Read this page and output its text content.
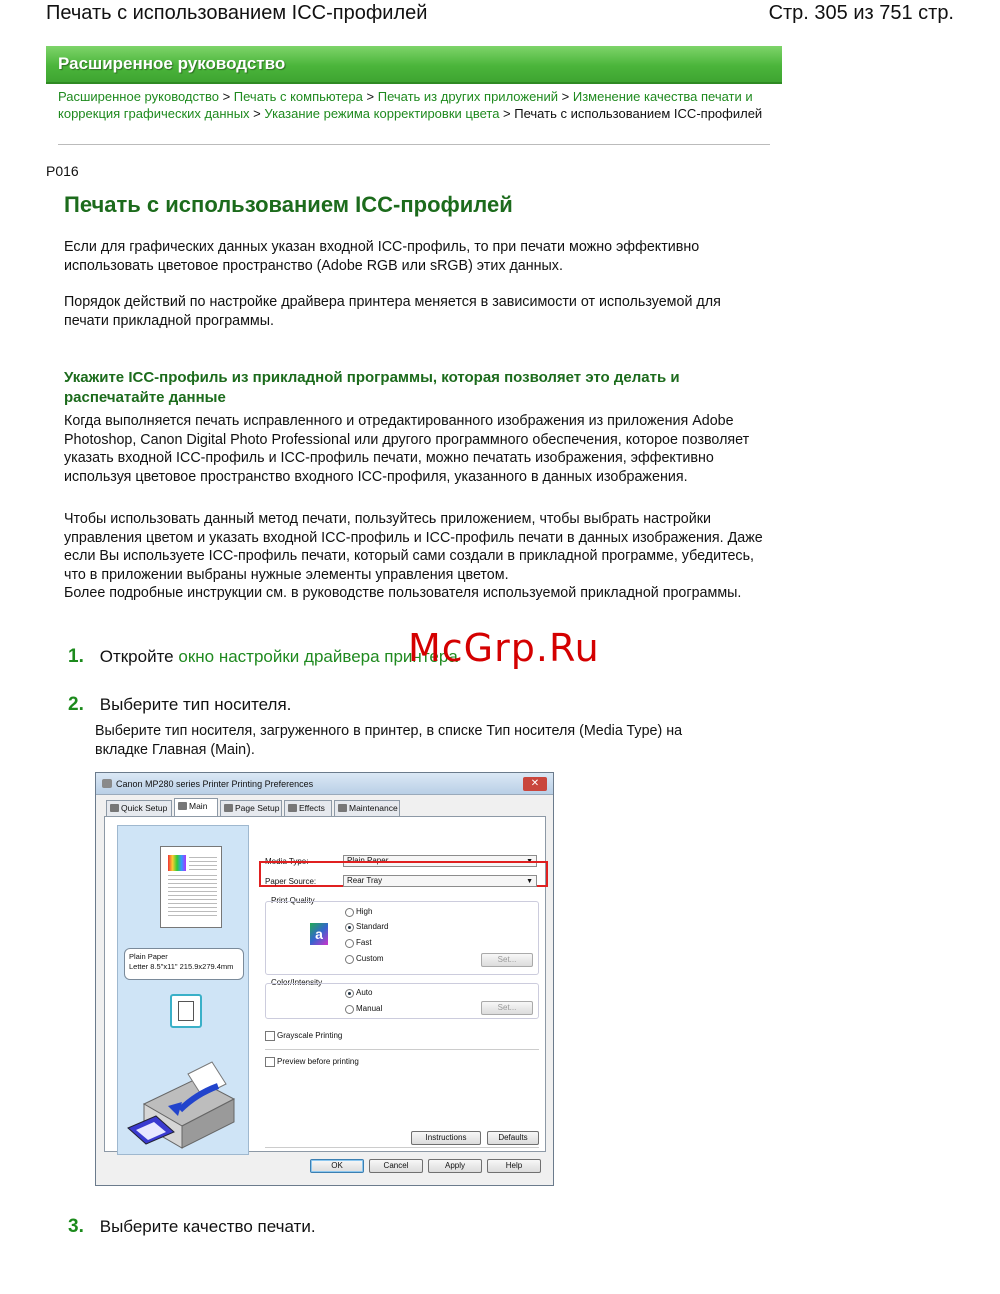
Печать с использованием ICC-профилей	Стр. 305 из 751 стр.
Расширенное руководство
Расширенное руководство > Печать с компьютера > Печать из других приложений > Изменение качества печати и коррекция графических данных > Указание режима корректировки цвета > Печать с использованием ICC-профилей
P016
Печать с использованием ICC-профилей

Если для графических данных указан входной ICC-профиль, то при печати можно эффективно использовать цветовое пространство (Adobe RGB или sRGB) этих данных.

Порядок действий по настройке драйвера принтера меняется в зависимости от используемой для печати прикладной программы.

Укажите ICC-профиль из прикладной программы, которая позволяет это делать и распечатайте данные

Когда выполняется печать исправленного и отредактированного изображения из приложения Adobe Photoshop, Canon Digital Photo Professional или другого программного обеспечения, которое позволяет указать входной ICC-профиль и ICC-профиль печати, можно печатать изображения, эффективно используя цветовое пространство входного ICC-профиля, указанного в данных изображения.

Чтобы использовать данный метод печати, пользуйтесь приложением, чтобы выбрать настройки управления цветом и указать входной ICC-профиль и ICC-профиль печати в данных изображения. Даже если Вы используете ICC-профиль печати, который сами создали в прикладной программе, убедитесь, что в приложении выбраны нужные элементы управления цветом.

Более подробные инструкции см. в руководстве пользователя используемой прикладной программы.

1. Откройте окно настройки драйвера принтера
McGrp.Ru
2. Выберите тип носителя.

Выберите тип носителя, загруженного в принтер, в списке Тип носителя (Media Type) на вкладке Главная (Main).

Canon MP280 series Printer Printing Preferences	✕
Quick Setup	Main	Page Setup	Effects	Maintenance
Plain Paper
Letter 8.5"x11" 215.9x279.4mm
Media Type:	Plain Paper	▼
Paper Source:	Rear Tray	▼
Print Quality
a
High
Standard
Fast
Custom	Set...
Color/Intensity
Auto
Manual	Set...
Grayscale Printing
Preview before printing
Instructions	Defaults
OK	Cancel	Apply	Help
3. Выберите качество печати.
